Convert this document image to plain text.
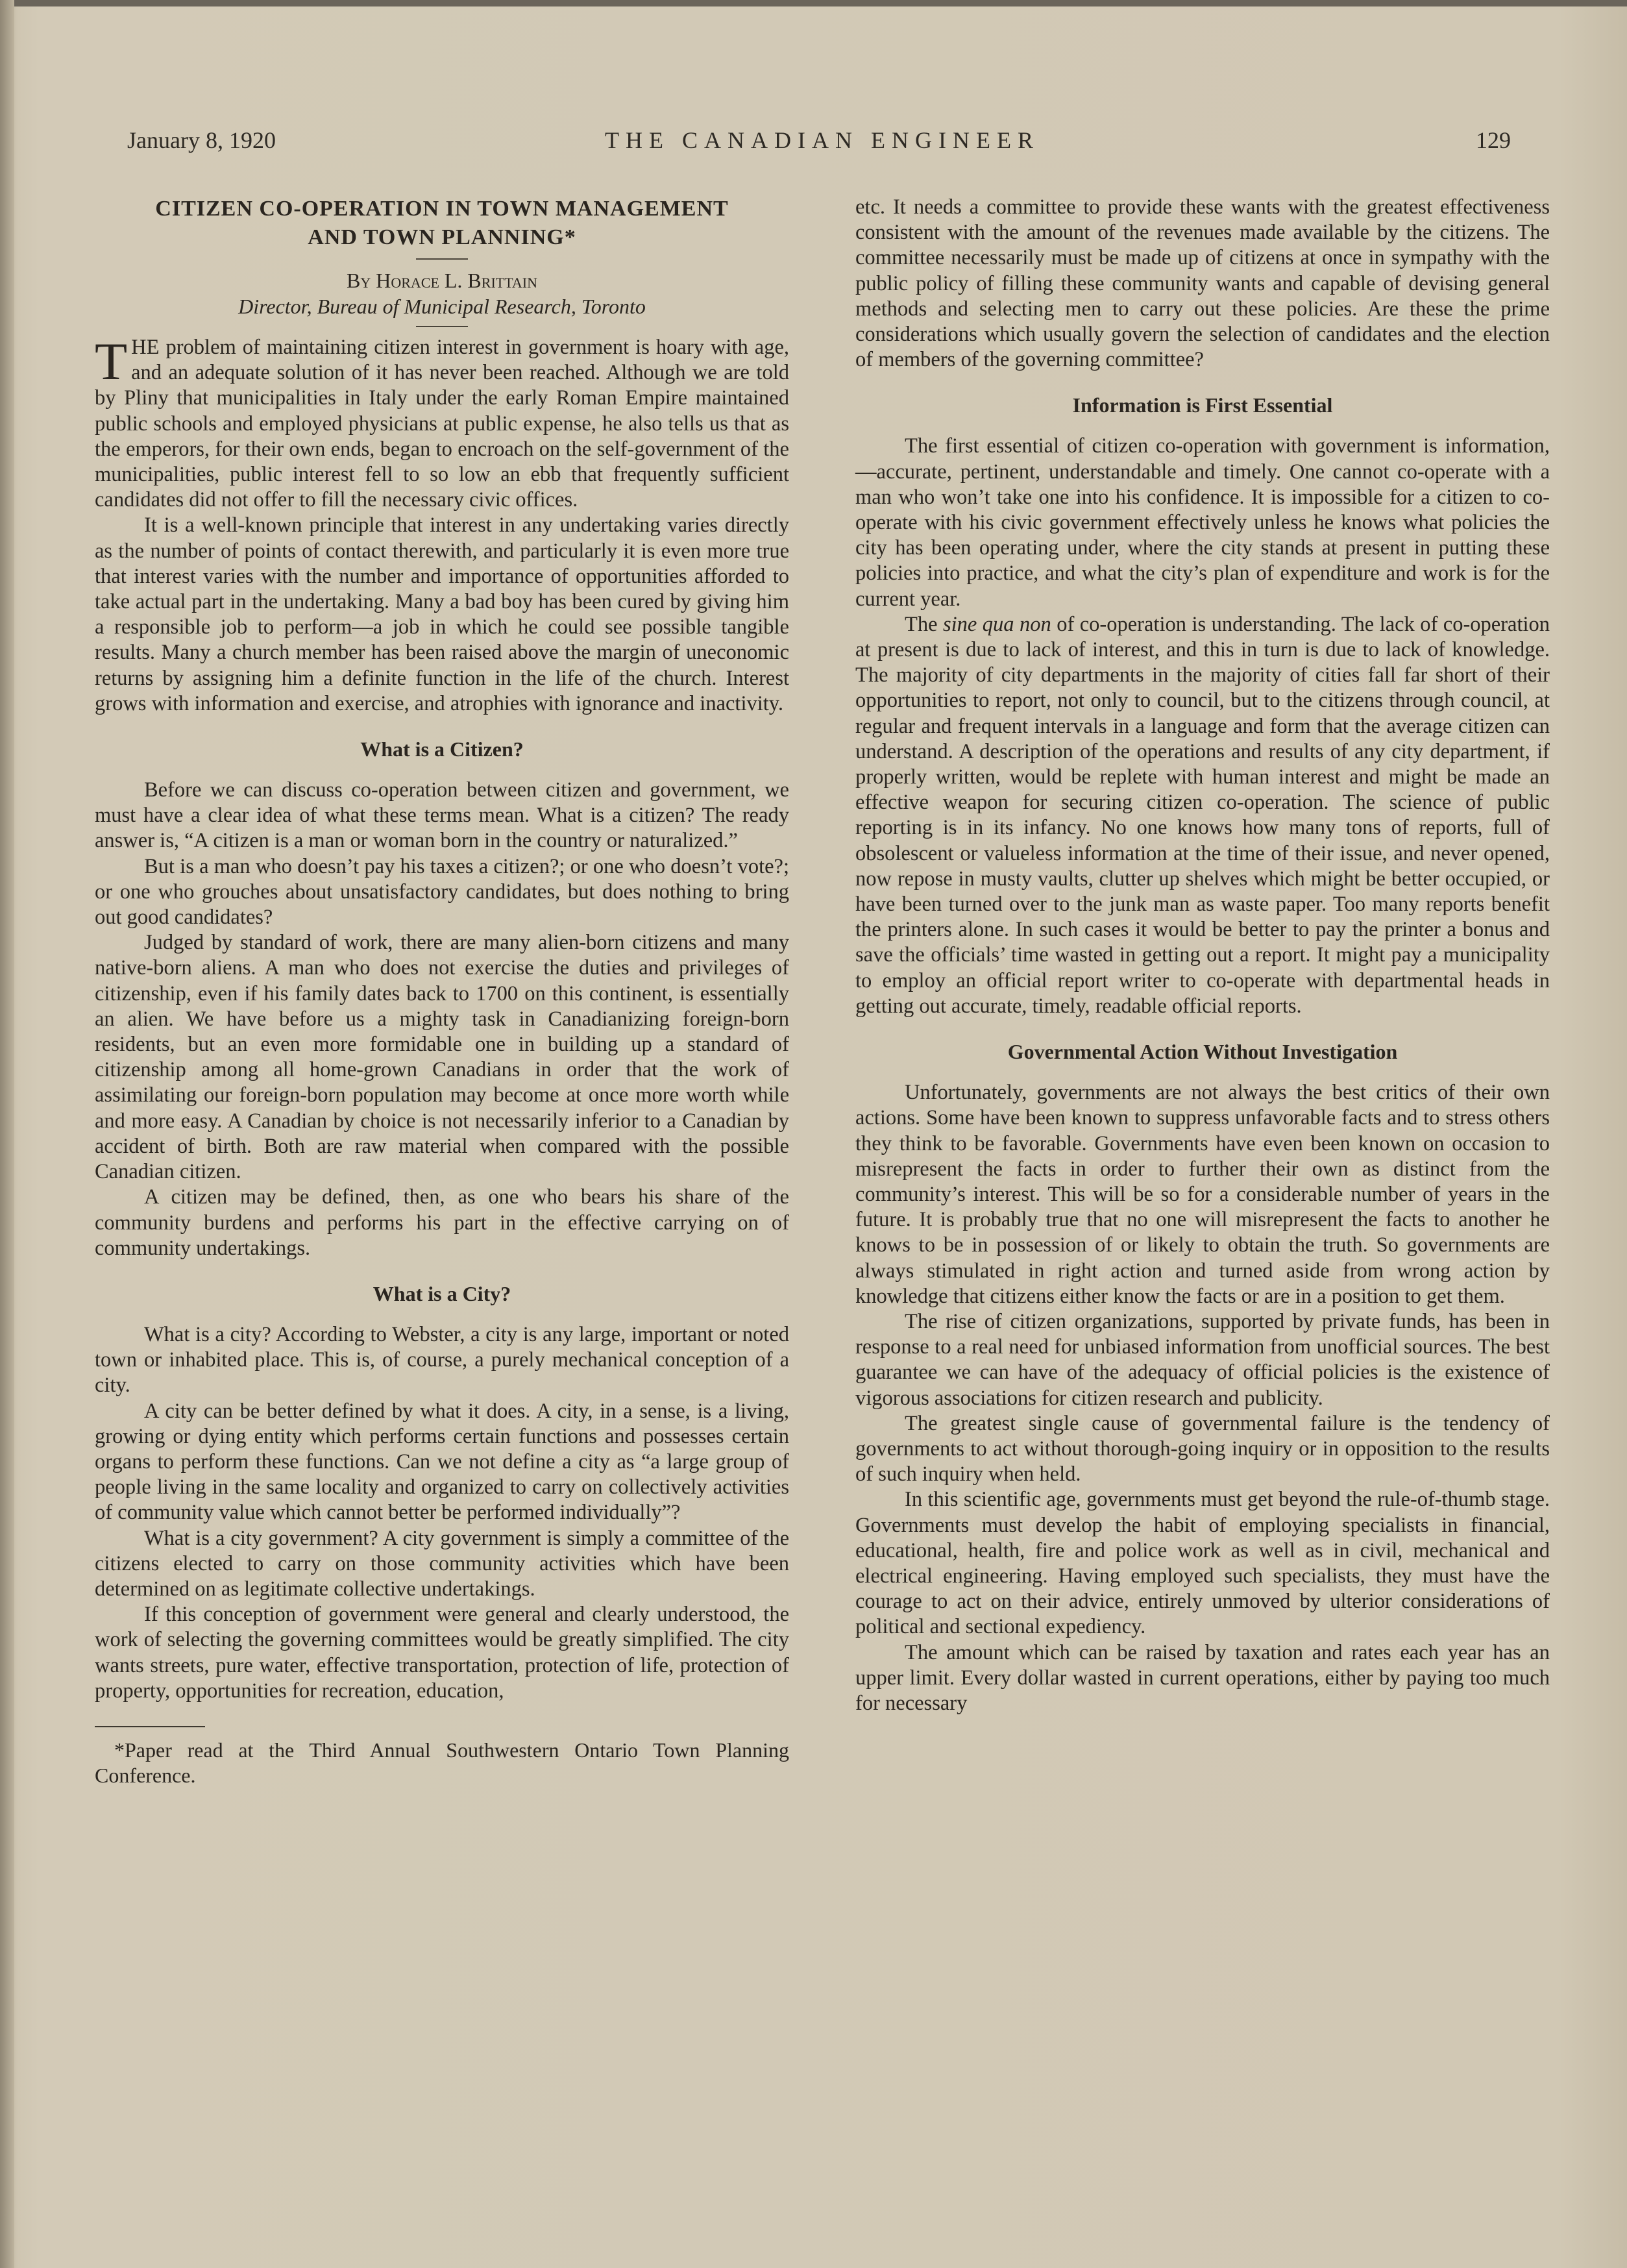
THE CANADIAN ENGINEER
January 8, 1920	129
CITIZEN CO-OPERATION IN TOWN MANAGEMENT
AND TOWN PLANNING*
By Horace L. Brittain
Director, Bureau of Municipal Research, Toronto

THE problem of maintaining citizen interest in government is hoary with age, and an adequate solution of it has never been reached. Although we are told by Pliny that municipalities in Italy under the early Roman Empire maintained public schools and employed physicians at public expense, he also tells us that as the emperors, for their own ends, began to encroach on the self-government of the municipalities, public interest fell to so low an ebb that frequently sufficient candidates did not offer to fill the necessary civic offices.

It is a well-known principle that interest in any undertaking varies directly as the number of points of contact therewith, and particularly it is even more true that interest varies with the number and importance of opportunities afforded to take actual part in the undertaking. Many a bad boy has been cured by giving him a responsible job to perform—a job in which he could see possible tangible results. Many a church member has been raised above the margin of uneconomic returns by assigning him a definite function in the life of the church. Interest grows with information and exercise, and atrophies with ignorance and inactivity.

What is a Citizen?

Before we can discuss co-operation between citizen and government, we must have a clear idea of what these terms mean. What is a citizen? The ready answer is, “A citizen is a man or woman born in the country or naturalized.”

But is a man who doesn’t pay his taxes a citizen?; or one who doesn’t vote?; or one who grouches about unsatisfactory candidates, but does nothing to bring out good candidates?

Judged by standard of work, there are many alien-born citizens and many native-born aliens. A man who does not exercise the duties and privileges of citizenship, even if his family dates back to 1700 on this continent, is essentially an alien. We have before us a mighty task in Canadianizing foreign-born residents, but an even more formidable one in building up a standard of citizenship among all home-grown Canadians in order that the work of assimilating our foreign-born population may become at once more worth while and more easy. A Canadian by choice is not necessarily inferior to a Canadian by accident of birth. Both are raw material when compared with the possible Canadian citizen.

A citizen may be defined, then, as one who bears his share of the community burdens and performs his part in the effective carrying on of community undertakings.

What is a City?

What is a city? According to Webster, a city is any large, important or noted town or inhabited place. This is, of course, a purely mechanical conception of a city.

A city can be better defined by what it does. A city, in a sense, is a living, growing or dying entity which performs certain functions and possesses certain organs to perform these functions. Can we not define a city as “a large group of people living in the same locality and organized to carry on collectively activities of community value which cannot better be performed individually”?

What is a city government? A city government is simply a committee of the citizens elected to carry on those community activities which have been determined on as legitimate collective undertakings.

If this conception of government were general and clearly understood, the work of selecting the governing committees would be greatly simplified. The city wants streets, pure water, effective transportation, protection of life, protection of property, opportunities for recreation, education,

*Paper read at the Third Annual Southwestern Ontario Town Planning Conference.

etc. It needs a committee to provide these wants with the greatest effectiveness consistent with the amount of the revenues made available by the citizens. The committee necessarily must be made up of citizens at once in sympathy with the public policy of filling these community wants and capable of devising general methods and selecting men to carry out these policies. Are these the prime considerations which usually govern the selection of candidates and the election of members of the governing committee?

Information is First Essential

The first essential of citizen co-operation with government is information,—accurate, pertinent, understandable and timely. One cannot co-operate with a man who won’t take one into his confidence. It is impossible for a citizen to co-operate with his civic government effectively unless he knows what policies the city has been operating under, where the city stands at present in putting these policies into practice, and what the city’s plan of expenditure and work is for the current year.

The sine qua non of co-operation is understanding. The lack of co-operation at present is due to lack of interest, and this in turn is due to lack of knowledge. The majority of city departments in the majority of cities fall far short of their opportunities to report, not only to council, but to the citizens through council, at regular and frequent intervals in a language and form that the average citizen can understand. A description of the operations and results of any city department, if properly written, would be replete with human interest and might be made an effective weapon for securing citizen co-operation. The science of public reporting is in its infancy. No one knows how many tons of reports, full of obsolescent or valueless information at the time of their issue, and never opened, now repose in musty vaults, clutter up shelves which might be better occupied, or have been turned over to the junk man as waste paper. Too many reports benefit the printers alone. In such cases it would be better to pay the printer a bonus and save the officials’ time wasted in getting out a report. It might pay a municipality to employ an official report writer to co-operate with departmental heads in getting out accurate, timely, readable official reports.

Governmental Action Without Investigation

Unfortunately, governments are not always the best critics of their own actions. Some have been known to suppress unfavorable facts and to stress others they think to be favorable. Governments have even been known on occasion to misrepresent the facts in order to further their own as distinct from the community’s interest. This will be so for a considerable number of years in the future. It is probably true that no one will misrepresent the facts to another he knows to be in possession of or likely to obtain the truth. So governments are always stimulated in right action and turned aside from wrong action by knowledge that citizens either know the facts or are in a position to get them.

The rise of citizen organizations, supported by private funds, has been in response to a real need for unbiased information from unofficial sources. The best guarantee we can have of the adequacy of official policies is the existence of vigorous associations for citizen research and publicity.

The greatest single cause of governmental failure is the tendency of governments to act without thorough-going inquiry or in opposition to the results of such inquiry when held.

In this scientific age, governments must get beyond the rule-of-thumb stage. Governments must develop the habit of employing specialists in financial, educational, health, fire and police work as well as in civil, mechanical and electrical engineering. Having employed such specialists, they must have the courage to act on their advice, entirely unmoved by ulterior considerations of political and sectional expediency.

The amount which can be raised by taxation and rates each year has an upper limit. Every dollar wasted in current operations, either by paying too much for necessary
